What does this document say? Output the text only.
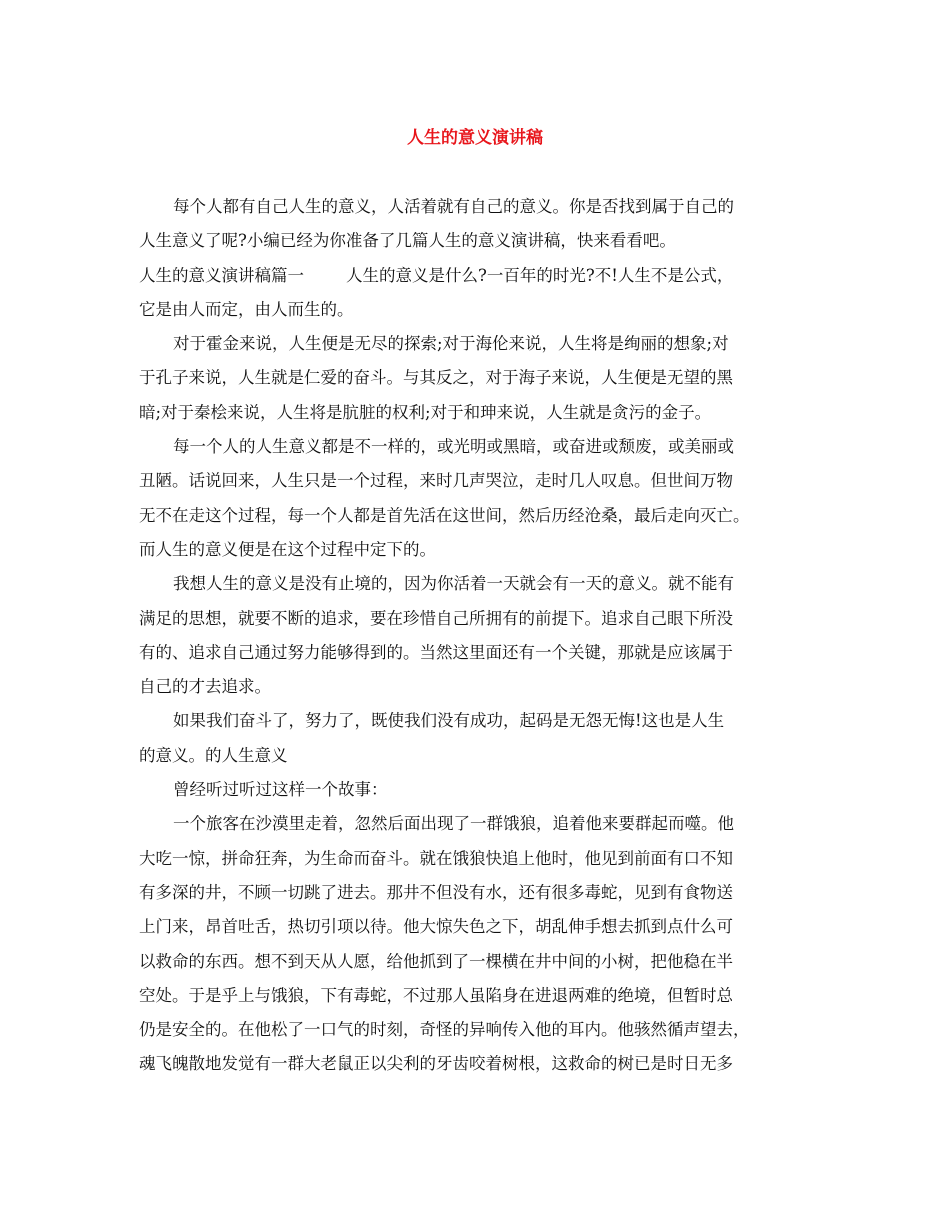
人生的意义演讲稿
每个人都有自己人生的意义，人活着就有自己的意义。你是否找到属于自己的
人生意义了呢?小编已经为你准备了几篇人生的意义演讲稿，快来看看吧。
人生的意义演讲稿篇一	人生的意义是什么?一百年的时光?不!人生不是公式，
它是由人而定，由人而生的。
对于霍金来说，人生便是无尽的探索;对于海伦来说，人生将是绚丽的想象;对
于孔子来说，人生就是仁爱的奋斗。与其反之，对于海子来说，人生便是无望的黑
暗;对于秦桧来说，人生将是肮脏的权利;对于和珅来说，人生就是贪污的金子。
每一个人的人生意义都是不一样的，或光明或黑暗，或奋进或颓废，或美丽或
丑陋。话说回来，人生只是一个过程，来时几声哭泣，走时几人叹息。但世间万物
无不在走这个过程，每一个人都是首先活在这世间，然后历经沧桑，最后走向灭亡。
而人生的意义便是在这个过程中定下的。
我想人生的意义是没有止境的，因为你活着一天就会有一天的意义。就不能有
满足的思想，就要不断的追求，要在珍惜自己所拥有的前提下。追求自己眼下所没
有的、追求自己通过努力能够得到的。当然这里面还有一个关键，那就是应该属于
自己的才去追求。
如果我们奋斗了，努力了，既使我们没有成功，起码是无怨无悔!这也是人生
的意义。的人生意义
曾经听过听过这样一个故事：
一个旅客在沙漠里走着，忽然后面出现了一群饿狼，追着他来要群起而噬。他
大吃一惊，拼命狂奔，为生命而奋斗。就在饿狼快追上他时，他见到前面有口不知
有多深的井，不顾一切跳了进去。那井不但没有水，还有很多毒蛇，见到有食物送
上门来，昂首吐舌，热切引项以待。他大惊失色之下，胡乱伸手想去抓到点什么可
以救命的东西。想不到天从人愿，给他抓到了一棵横在井中间的小树，把他稳在半
空处。于是乎上与饿狼，下有毒蛇，不过那人虽陷身在进退两难的绝境，但暂时总
仍是安全的。在他松了一口气的时刻，奇怪的异响传入他的耳内。他骇然循声望去，
魂飞魄散地发觉有一群大老鼠正以尖利的牙齿咬着树根，这救命的树已是时日无多
